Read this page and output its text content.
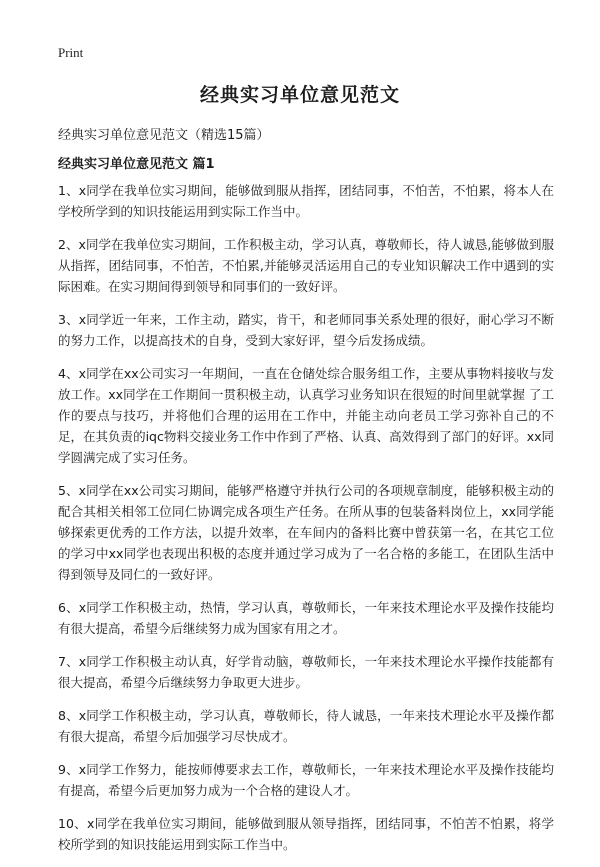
Print
经典实习单位意见范文
经典实习单位意见范文（精选15篇）
经典实习单位意见范文 篇1

1、x同学在我单位实习期间，能够做到服从指挥，团结同事，不怕苦，不怕累，将本人在学校所学到的知识技能运用到实际工作当中。

2、x同学在我单位实习期间，工作积极主动，学习认真，尊敬师长，待人诚恳,能够做到服从指挥，团结同事，不怕苦，不怕累,并能够灵活运用自己的专业知识解决工作中遇到的实际困难。在实习期间得到领导和同事们的一致好评。

3、x同学近一年来，工作主动，踏实，肯干，和老师同事关系处理的很好，耐心学习不断的努力工作，以提高技术的自身，受到大家好评，望今后发扬成绩。

4、x同学在xx公司实习一年期间，一直在仓储处综合服务组工作，主要从事物料接收与发放工作。xx同学在工作期间一贯积极主动，认真学习业务知识在很短的时间里就掌握 了工作的要点与技巧，并将他们合理的运用在工作中，并能主动向老员工学习弥补自己的不足，在其负责的iqc物料交接业务工作中作到了严格、认真、高效得到了部门的好评。xx同学圆满完成了实习任务。

5、x同学在xx公司实习期间，能够严格遵守并执行公司的各项规章制度，能够积极主动的配合其相关相邻工位同仁协调完成各项生产任务。在所从事的包装备料岗位上，xx同学能够探索更优秀的工作方法，以提升效率，在车间内的备料比赛中曾获第一名，在其它工位的学习中xx同学也表现出积极的态度并通过学习成为了一名合格的多能工，在团队生活中得到领导及同仁的一致好评。

6、x同学工作积极主动，热情，学习认真，尊敬师长，一年来技术理论水平及操作技能均有很大提高，希望今后继续努力成为国家有用之才。

7、x同学工作积极主动认真，好学肯动脑，尊敬师长，一年来技术理论水平操作技能都有很大提高，希望今后继续努力争取更大进步。

8、x同学工作积极主动，学习认真，尊敬师长，待人诚恳，一年来技术理论水平及操作都有很大提高，希望今后加强学习尽快成才。

9、x同学工作努力，能按师傅要求去工作，尊敬师长，一年来技术理论水平及操作技能均有提高，希望今后更加努力成为一个合格的建设人才。

10、x同学在我单位实习期间，能够做到服从领导指挥，团结同事，不怕苦不怕累，将学校所学到的知识技能运用到实际工作当中。
